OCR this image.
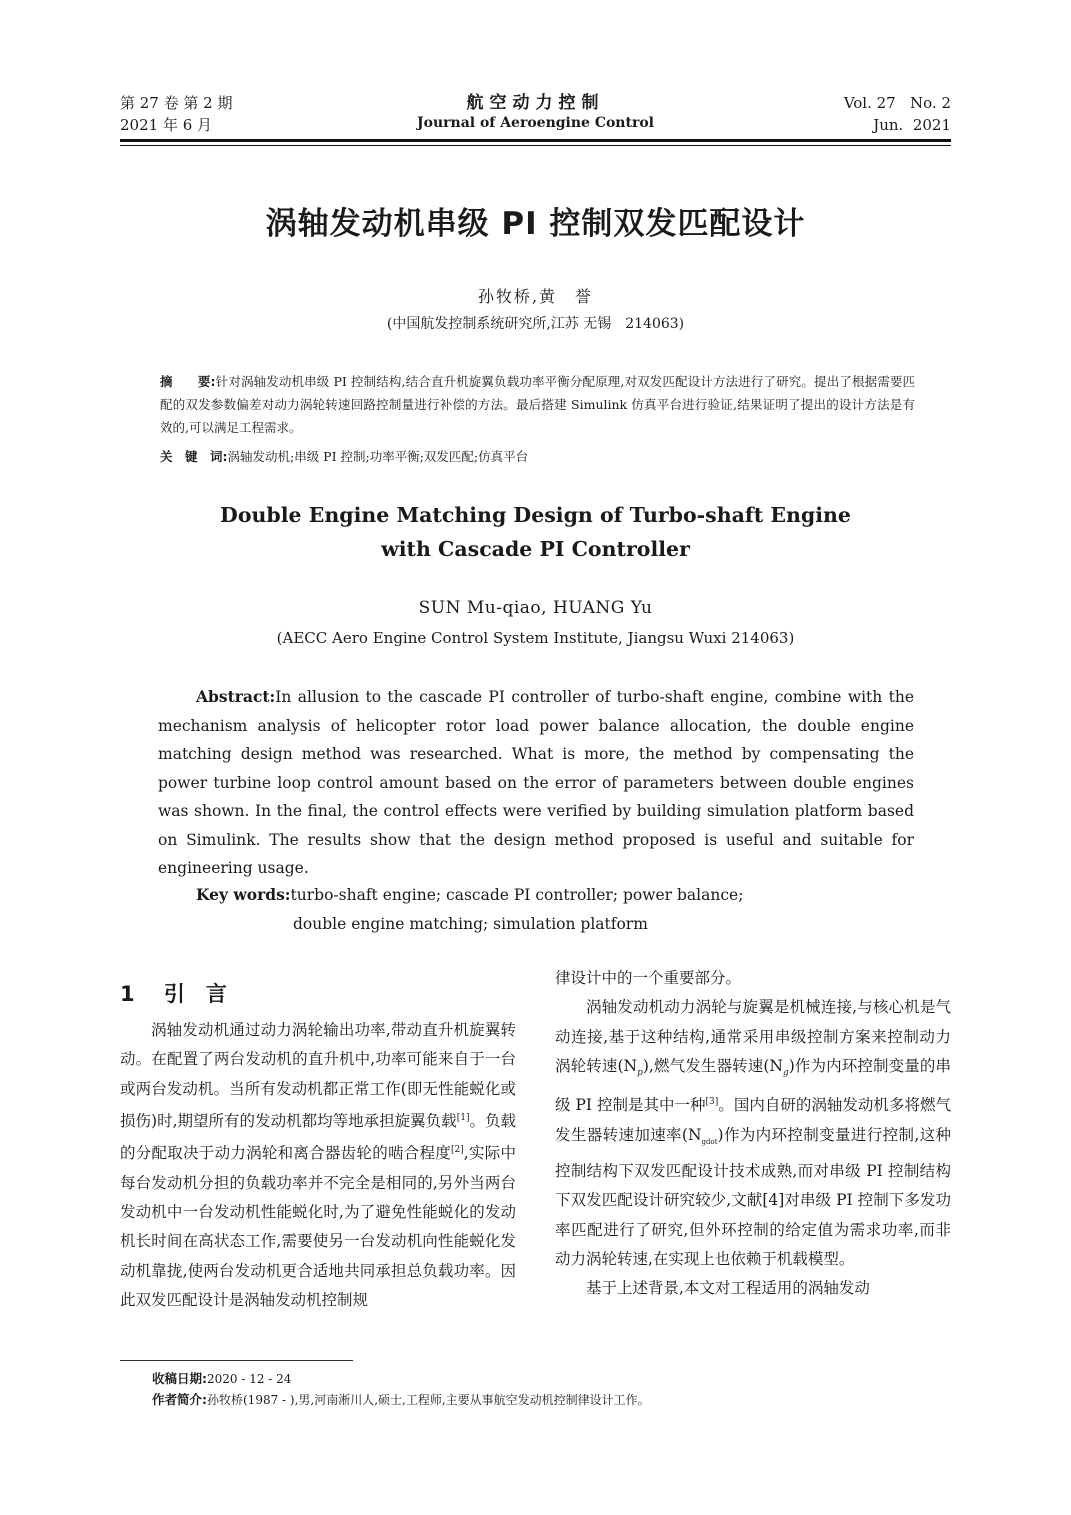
第 27 卷 第 2 期
2021 年 6 月
航空动力控制
Journal of Aeroengine Control
Vol. 27   No. 2
Jun.  2021
涡轴发动机串级 PI 控制双发匹配设计
孙牧桥,黄　誉
(中国航发控制系统研究所,江苏 无锡　214063)
摘　　要:针对涡轴发动机串级 PI 控制结构,结合直升机旋翼负载功率平衡分配原理,对双发匹配设计方法进行了研究。提出了根据需要匹配的双发参数偏差对动力涡轮转速回路控制量进行补偿的方法。最后搭建 Simulink 仿真平台进行验证,结果证明了提出的设计方法是有效的,可以满足工程需求。
关　键　词:涡轴发动机;串级 PI 控制;功率平衡;双发匹配;仿真平台
Double Engine Matching Design of Turbo-shaft Engine
with Cascade PI Controller
SUN Mu-qiao, HUANG Yu
(AECC Aero Engine Control System Institute, Jiangsu Wuxi 214063)
Abstract:In allusion to the cascade PI controller of turbo-shaft engine, combine with the mechanism analysis of helicopter rotor load power balance allocation, the double engine matching design method was researched. What is more, the method by compensating the power turbine loop control amount based on the error of parameters between double engines was shown. In the final, the control effects were verified by building simulation platform based on Simulink. The results show that the design method proposed is useful and suitable for engineering usage.
Key words:turbo-shaft engine; cascade PI controller; power balance;
double engine matching; simulation platform
1 引　言

涡轴发动机通过动力涡轮输出功率,带动直升机旋翼转动。在配置了两台发动机的直升机中,功率可能来自于一台或两台发动机。当所有发动机都正常工作(即无性能蜕化或损伤)时,期望所有的发动机都均等地承担旋翼负载[1]。负载的分配取决于动力涡轮和离合器齿轮的啮合程度[2],实际中每台发动机分担的负载功率并不完全是相同的,另外当两台发动机中一台发动机性能蜕化时,为了避免性能蜕化的发动机长时间在高状态工作,需要使另一台发动机向性能蜕化发动机靠拢,使两台发动机更合适地共同承担总负载功率。因此双发匹配设计是涡轴发动机控制规

律设计中的一个重要部分。

涡轴发动机动力涡轮与旋翼是机械连接,与核心机是气动连接,基于这种结构,通常采用串级控制方案来控制动力涡轮转速$(N_p)$,燃气发生器转速$(N_g)$作为内环控制变量的串级 PI 控制是其中一种[3]。国内自研的涡轴发动机多将燃气发生器转速加速率$(N_{gdot})$作为内环控制变量进行控制,这种控制结构下双发匹配设计技术成熟,而对串级 PI 控制结构下双发匹配设计研究较少,文献[4]对串级 PI 控制下多发功率匹配进行了研究,但外环控制的给定值为需求功率,而非动力涡轮转速,在实现上也依赖于机载模型。

基于上述背景,本文对工程适用的涡轴发动

收稿日期:2020 - 12 - 24
作者简介:孙牧桥(1987 - ),男,河南淅川人,硕士,工程师,主要从事航空发动机控制律设计工作。
